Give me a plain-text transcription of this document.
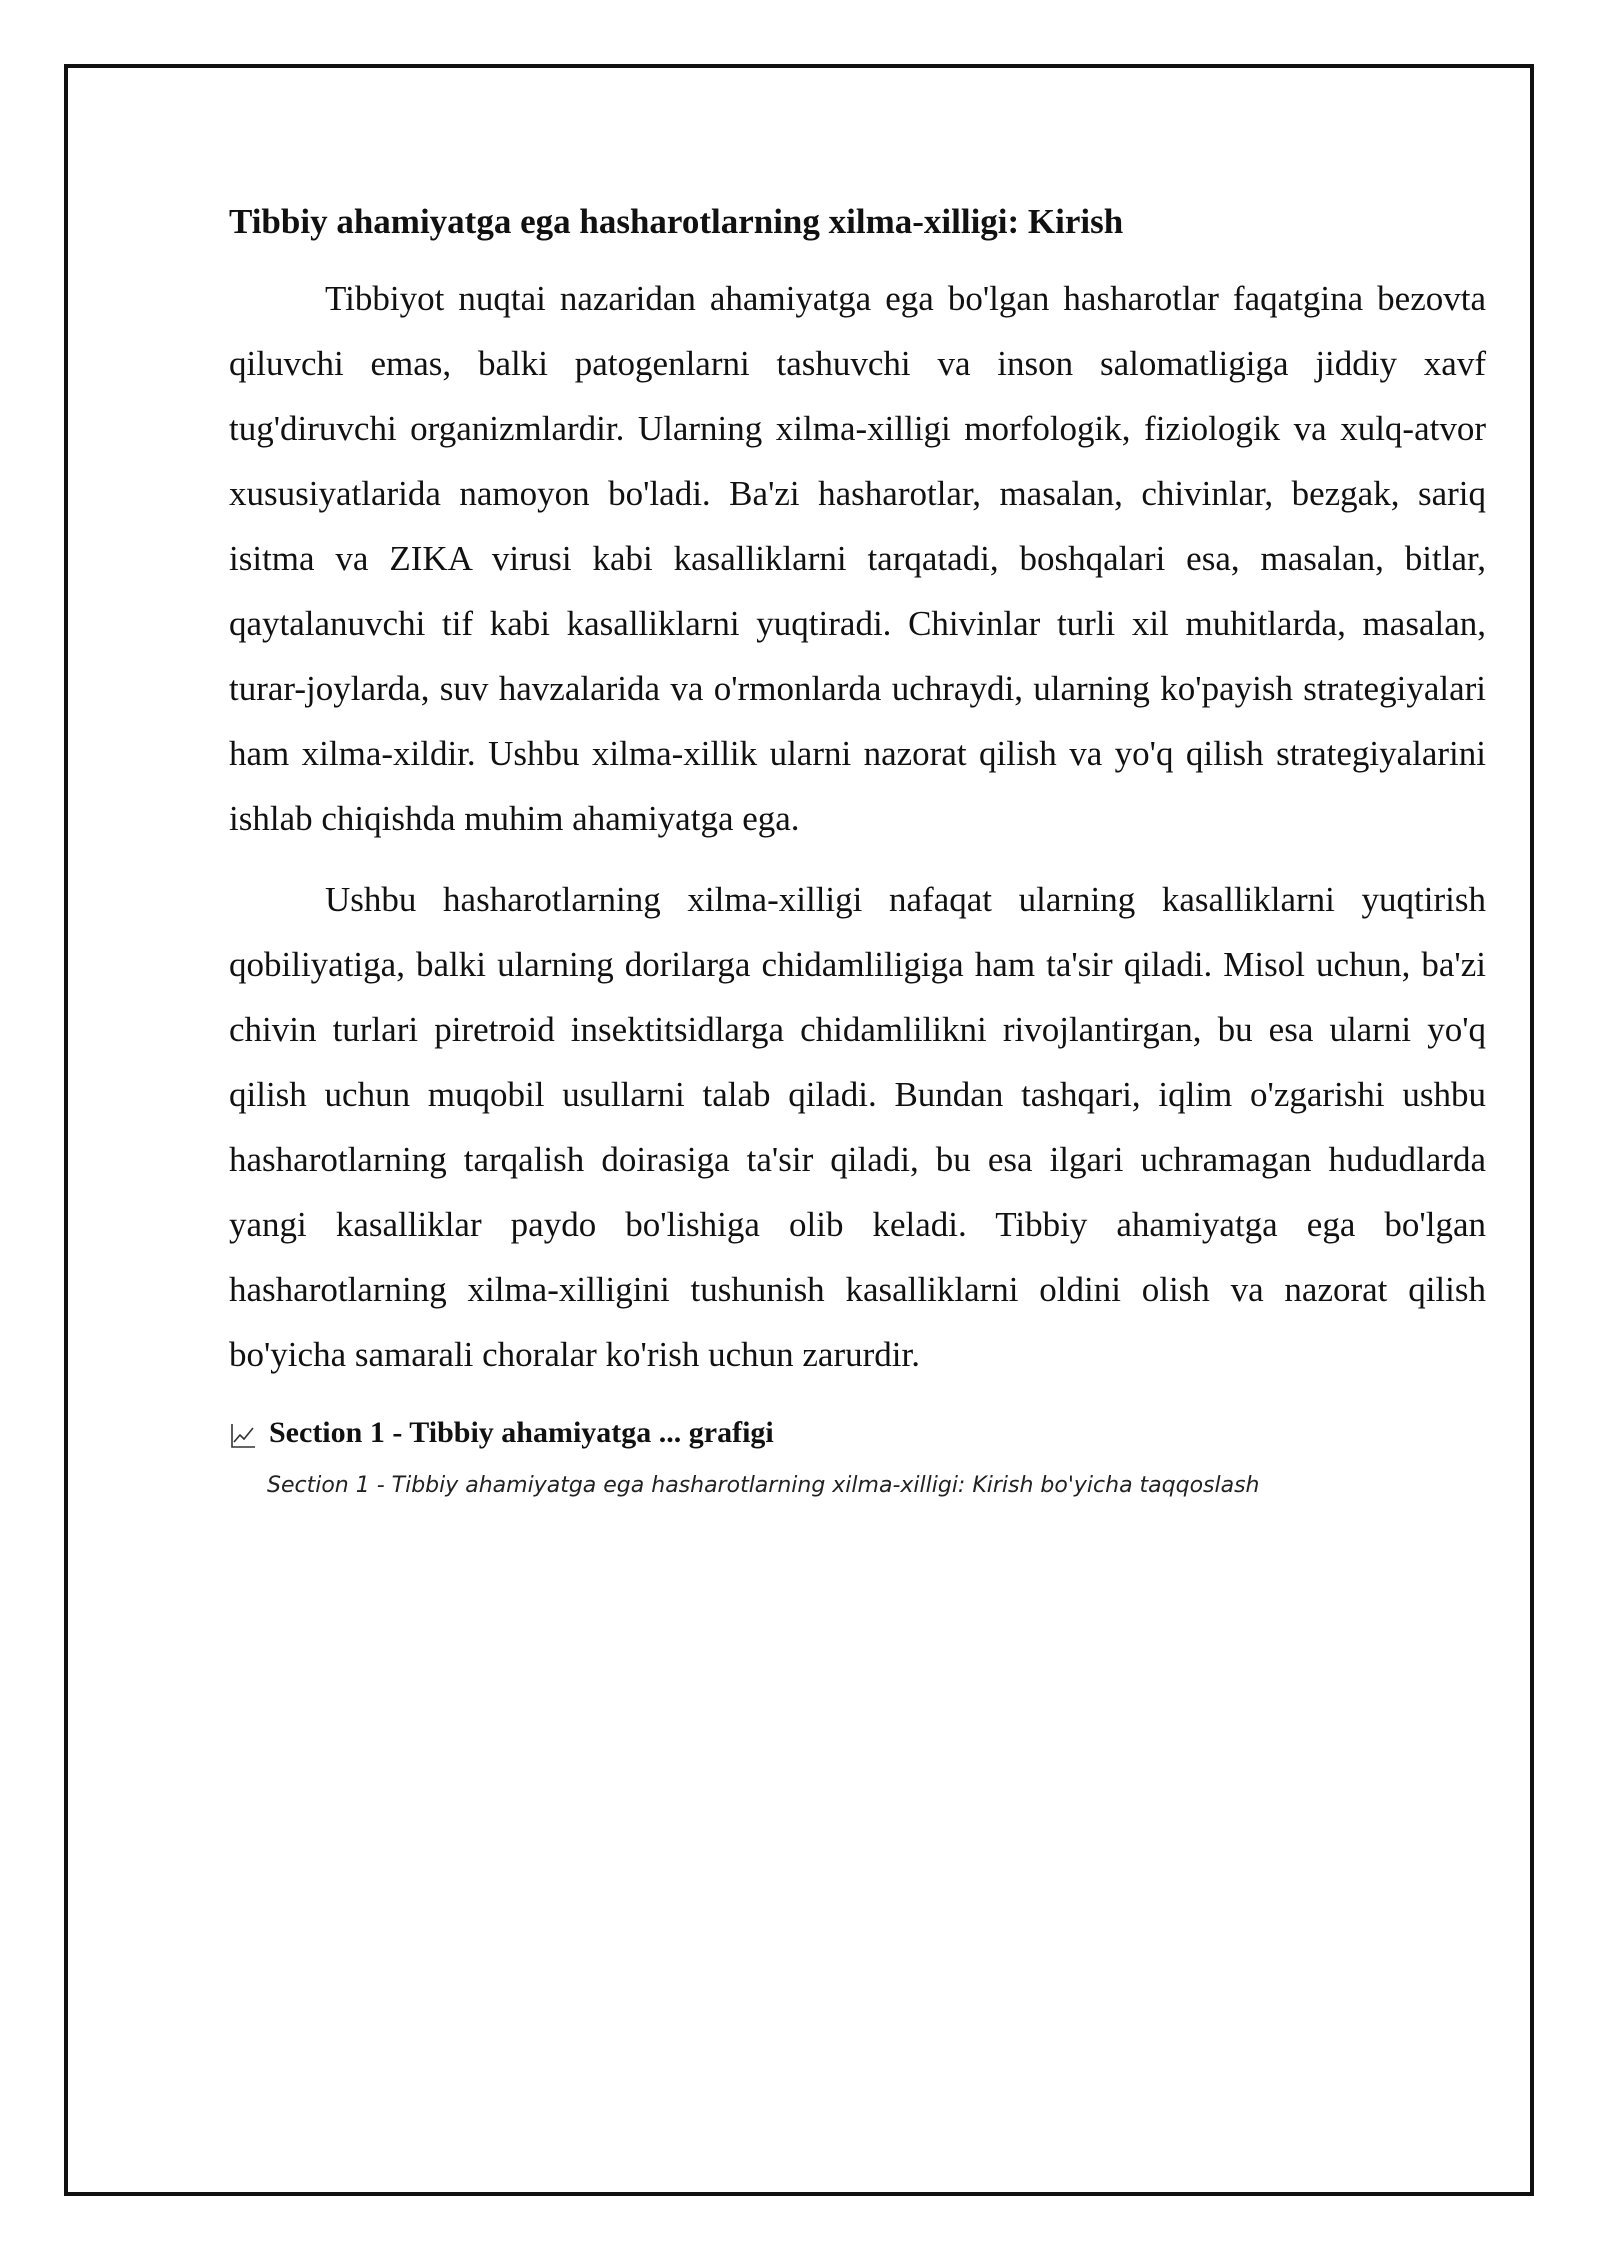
Tibbiy ahamiyatga ega hasharotlarning xilma-xilligi: Kirish

Tibbiyot nuqtai nazaridan ahamiyatga ega bo'lgan hasharotlar faqatgina bezovta qiluvchi emas, balki patogenlarni tashuvchi va inson salomatligiga jiddiy xavf tug'diruvchi organizmlardir. Ularning xilma-xilligi morfologik, fiziologik va xulq-atvor xususiyatlarida namoyon bo'ladi. Ba'zi hasharotlar, masalan, chivinlar, bezgak, sariq isitma va ZIKA virusi kabi kasalliklarni tarqatadi, boshqalari esa, masalan, bitlar, qaytalanuvchi tif kabi kasalliklarni yuqtiradi. Chivinlar turli xil muhitlarda, masalan, turar-joylarda, suv havzalarida va o'rmonlarda uchraydi, ularning ko'payish strategiyalari ham xilma-xildir. Ushbu xilma-xillik ularni nazorat qilish va yo'q qilish strategiyalarini ishlab chiqishda muhim ahamiyatga ega.

Ushbu hasharotlarning xilma-xilligi nafaqat ularning kasalliklarni yuqtirish qobiliyatiga, balki ularning dorilarga chidamliligiga ham ta'sir qiladi. Misol uchun, ba'zi chivin turlari piretroid insektitsidlarga chidamlilikni rivojlantirgan, bu esa ularni yo'q qilish uchun muqobil usullarni talab qiladi. Bundan tashqari, iqlim o'zgarishi ushbu hasharotlarning tarqalish doirasiga ta'sir qiladi, bu esa ilgari uchramagan hududlarda yangi kasalliklar paydo bo'lishiga olib keladi. Tibbiy ahamiyatga ega bo'lgan hasharotlarning xilma-xilligini tushunish kasalliklarni oldini olish va nazorat qilish bo'yicha samarali choralar ko'rish uchun zarurdir.

Section 1 - Tibbiy ahamiyatga ... grafigi
Section 1 - Tibbiy ahamiyatga ega hasharotlarning xilma-xilligi: Kirish bo'yicha taqqoslash
